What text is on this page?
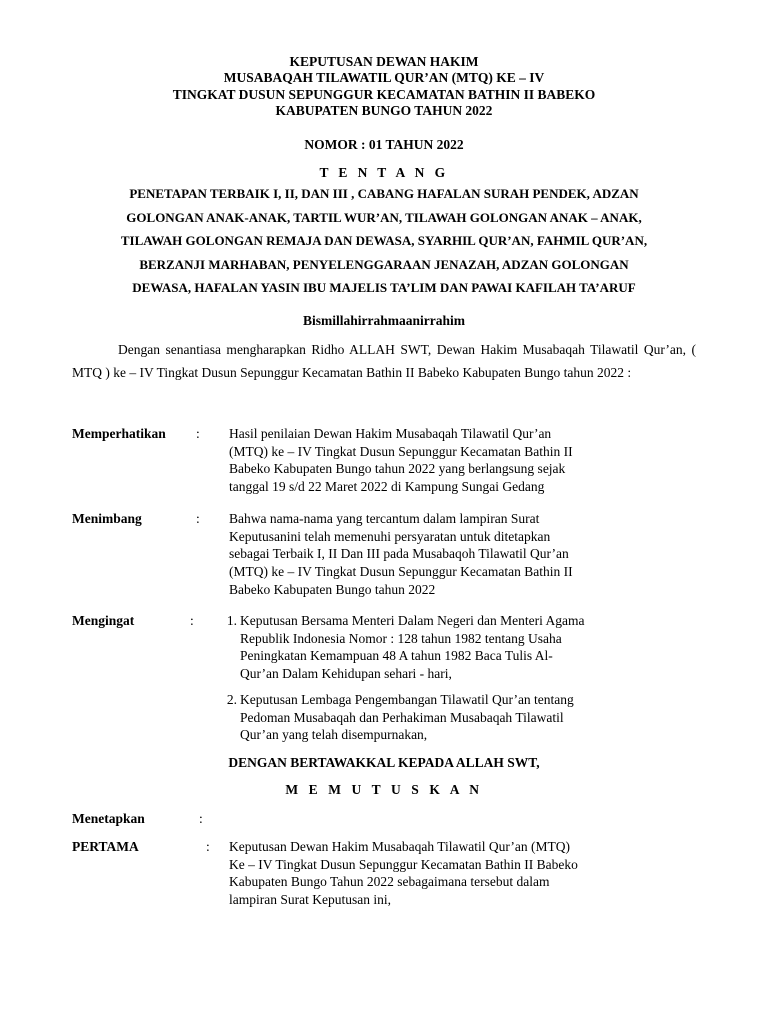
KEPUTUSAN DEWAN HAKIM
MUSABAQAH TILAWATIL QUR’AN (MTQ) KE – IV
TINGKAT DUSUN SEPUNGGUR KECAMATAN BATHIN II BABEKO
KABUPATEN BUNGO TAHUN 2022
NOMOR : 01 TAHUN 2022
T E N T A N G
PENETAPAN TERBAIK I, II, DAN III , CABANG HAFALAN SURAH PENDEK, ADZAN
GOLONGAN ANAK-ANAK, TARTIL WUR’AN, TILAWAH GOLONGAN ANAK – ANAK,
TILAWAH GOLONGAN REMAJA DAN DEWASA, SYARHIL QUR’AN, FAHMIL QUR’AN,
BERZANJI MARHABAN, PENYELENGGARAAN JENAZAH, ADZAN GOLONGAN
DEWASA, HAFALAN YASIN IBU MAJELIS TA’LIM DAN PAWAI KAFILAH TA’ARUF
Bismillahirrahmaanirrahim
Dengan senantiasa mengharapkan Ridho ALLAH SWT, Dewan Hakim Musabaqah Tilawatil Qur’an, ( MTQ ) ke – IV Tingkat Dusun Sepunggur Kecamatan Bathin II Babeko Kabupaten Bungo tahun 2022 :
Memperhatikan : Hasil penilaian Dewan Hakim Musabaqah Tilawatil Qur’an
(MTQ) ke – IV Tingkat Dusun Sepunggur Kecamatan Bathin II
Babeko Kabupaten Bungo tahun 2022 yang berlangsung sejak
tanggal 19 s/d 22 Maret 2022 di Kampung Sungai Gedang
Menimbang	: Bahwa nama-nama yang tercantum dalam lampiran Surat
Keputusanini telah memenuhi persyaratan untuk ditetapkan
sebagai Terbaik I, II Dan III pada Musabaqoh Tilawatil Qur’an
(MTQ) ke – IV Tingkat Dusun Sepunggur Kecamatan Bathin II
Babeko Kabupaten Bungo tahun 2022
Mengingat	:	1. Keputusan Bersama Menteri Dalam Negeri dan Menteri Agama
Republik Indonesia Nomor : 128 tahun 1982 tentang Usaha
Peningkatan Kemampuan 48 A tahun 1982 Baca Tulis Al-
Qur’an Dalam Kehidupan sehari - hari,
2. Keputusan Lembaga Pengembangan Tilawatil Qur’an tentang
Pedoman Musabaqah dan Perhakiman Musabaqah Tilawatil
Qur’an yang telah disempurnakan,
DENGAN BERTAWAKKAL KEPADA ALLAH SWT,
M E M U T U S K A N
Menetapkan	:
PERTAMA	: Keputusan Dewan Hakim Musabaqah Tilawatil Qur’an (MTQ)
Ke – IV Tingkat Dusun Sepunggur Kecamatan Bathin II Babeko
Kabupaten Bungo Tahun 2022 sebagaimana tersebut dalam
lampiran Surat Keputusan ini,
